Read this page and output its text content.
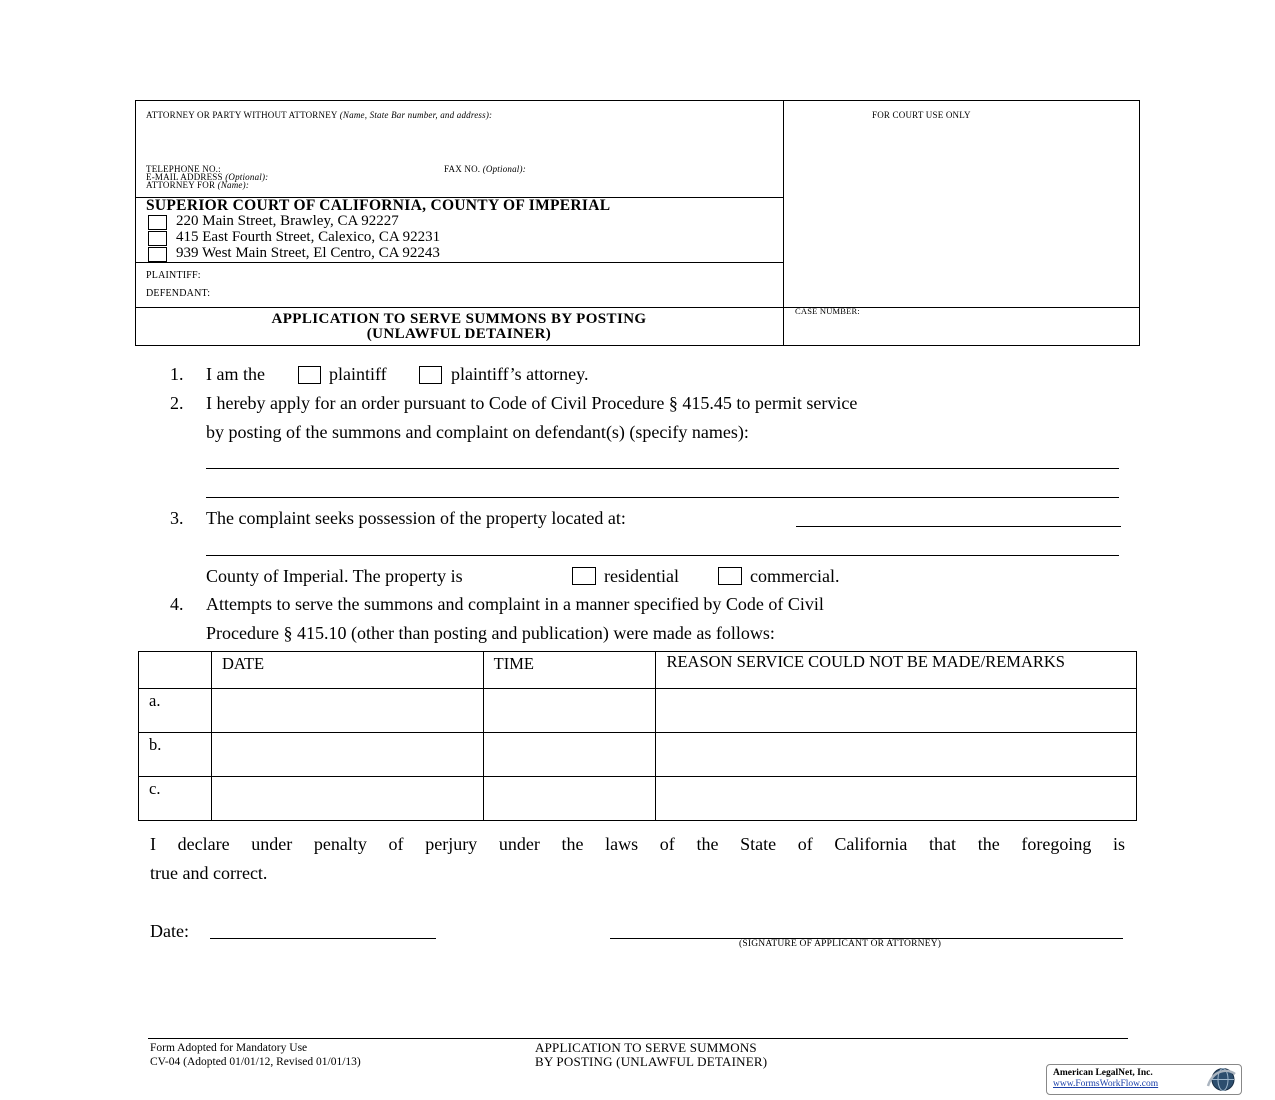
ATTORNEY OR PARTY WITHOUT ATTORNEY (Name, State Bar number, and address):	FOR COURT USE ONLY
TELEPHONE NO.:	FAX NO. (Optional):
E-MAIL ADDRESS (Optional):
ATTORNEY FOR (Name):
SUPERIOR COURT OF CALIFORNIA, COUNTY OF IMPERIAL
220 Main Street, Brawley, CA 92227
415 East Fourth Street, Calexico, CA 92231
939 West Main Street, El Centro, CA 92243
PLAINTIFF:
DEFENDANT:
APPLICATION TO SERVE SUMMONS BY POSTING
(UNLAWFUL DETAINER)
CASE NUMBER:
1. I am the	plaintiff	plaintiff’s attorney.
2. I hereby apply for an order pursuant to Code of Civil Procedure § 415.45 to permit service
by posting of the summons and complaint on defendant(s) (specify names):
3. The complaint seeks possession of the property located at:
County of Imperial. The property is	residential	commercial.
4. Attempts to serve the summons and complaint in a manner specified by Code of Civil
Procedure § 415.10 (other than posting and publication) were made as follows:
	DATE	TIME	REASON SERVICE COULD NOT BE MADE/REMARKS
a.			
b.			
c.			
I declare under penalty of perjury under the laws of the State of California that the foregoing is
true and correct.
Date:
(SIGNATURE OF APPLICANT OR ATTORNEY)
Form Adopted for Mandatory Use
CV-04 (Adopted 01/01/12, Revised 01/01/13)
APPLICATION TO SERVE SUMMONS
BY POSTING (UNLAWFUL DETAINER)
American LegalNet, Inc.
www.FormsWorkFlow.com
